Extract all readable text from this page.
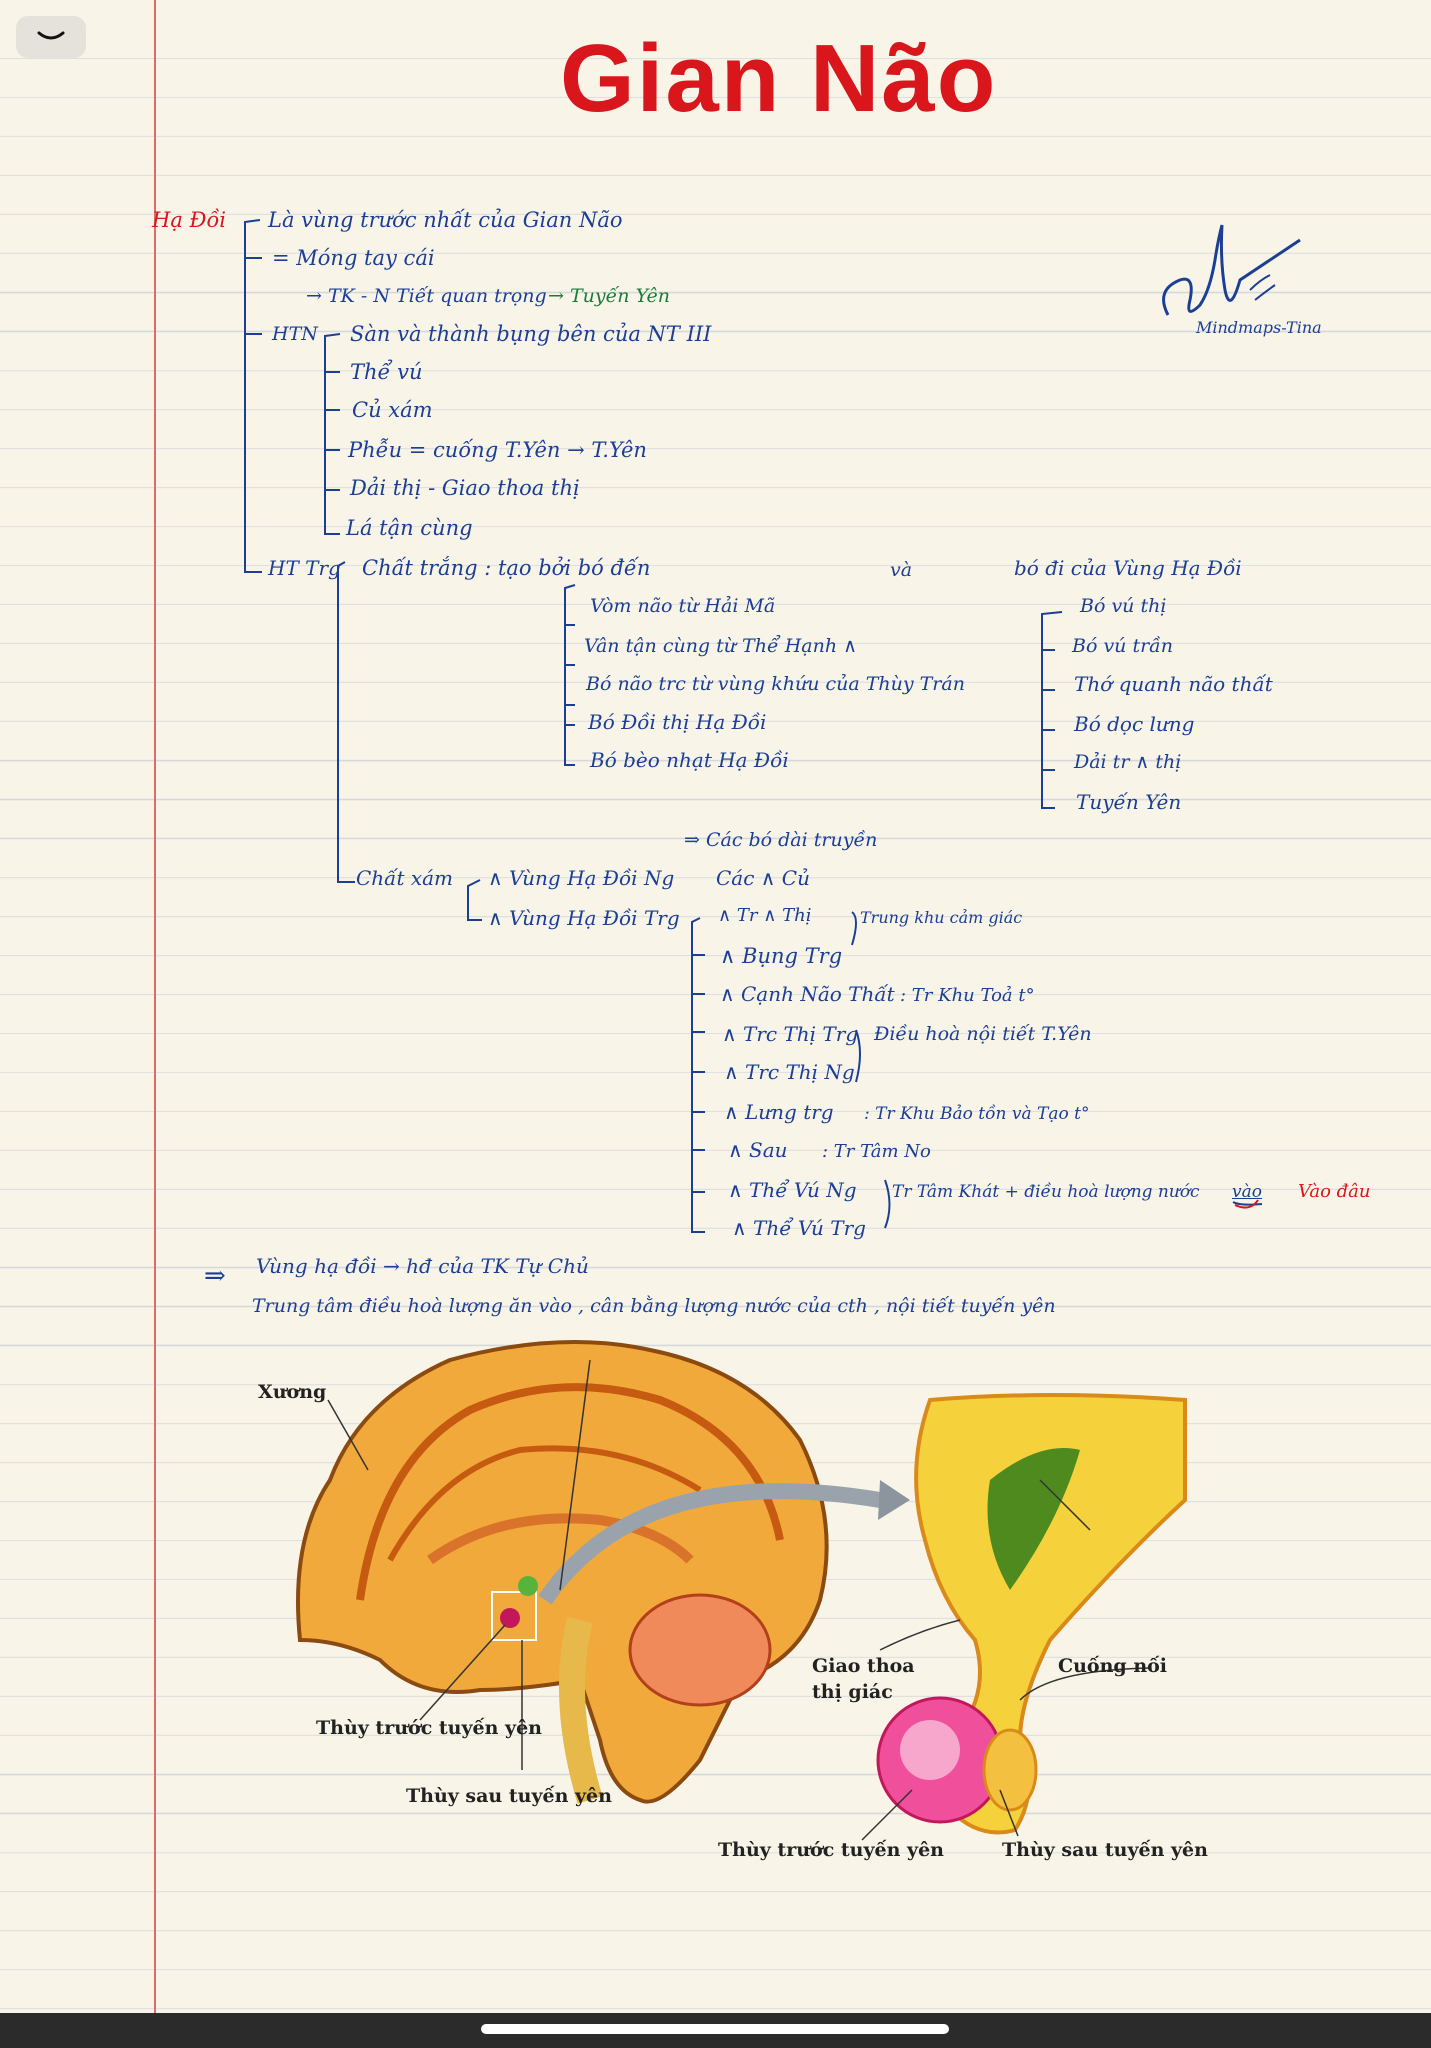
Gian Não
Mindmaps-Tina
Hạ Đồi Là vùng trước nhất của Gian Não
= Móng tay cái
→ TK - N Tiết quan trọng → Tuyến Yên
HTN Sàn và thành bụng bên của NT III
Thể vú
Củ xám
Phễu = cuống T.Yên → T.Yên
Dải thị - Giao thoa thị
Lá tận cùng
HT Trg Chất trắng : tạo bởi bó đến	và	bó đi của Vùng Hạ Đồi
Vòm não từ Hải Mã
Vân tận cùng từ Thể Hạnh ∧
Bó não trc từ vùng khứu của Thùy Trán
Bó Đồi thị Hạ Đồi
Bó bèo nhạt Hạ Đồi
Bó vú thị
Bó vú trần
Thớ quanh não thất
Bó dọc lưng
Dải tr ∧ thị
Tuyến Yên
⇒ Các bó dài truyền
Chất xám ∧ Vùng Hạ Đồi Ng Các ∧ Củ
∧ Vùng Hạ Đồi Trg ∧ Tr ∧ Thị
∧ Bụng Trg
∧ Cạnh Não Thất
∧ Trc Thị Trg
∧ Trc Thị Ng
∧ Lưng trg
∧ Sau
∧ Thể Vú Ng
∧ Thể Vú Trg
Trung khu cảm giác
: Tr Khu Toả t°
Điều hoà nội tiết T.Yên
: Tr Khu Bảo tồn và Tạo t°
: Tr Tâm No
Tr Tâm Khát + điều hoà lượng nước vào Vào đâu
⇒ Vùng hạ đồi → hđ của TK Tự Chủ
Trung tâm điều hoà lượng ăn vào , cân bằng lượng nước của cth , nội tiết tuyến yên
Xương
Thùy trước tuyến yên
Thùy sau tuyến yên
Giao thoa
thị giác
Cuống nối
Thùy trước tuyến yên	Thùy sau tuyến yên
